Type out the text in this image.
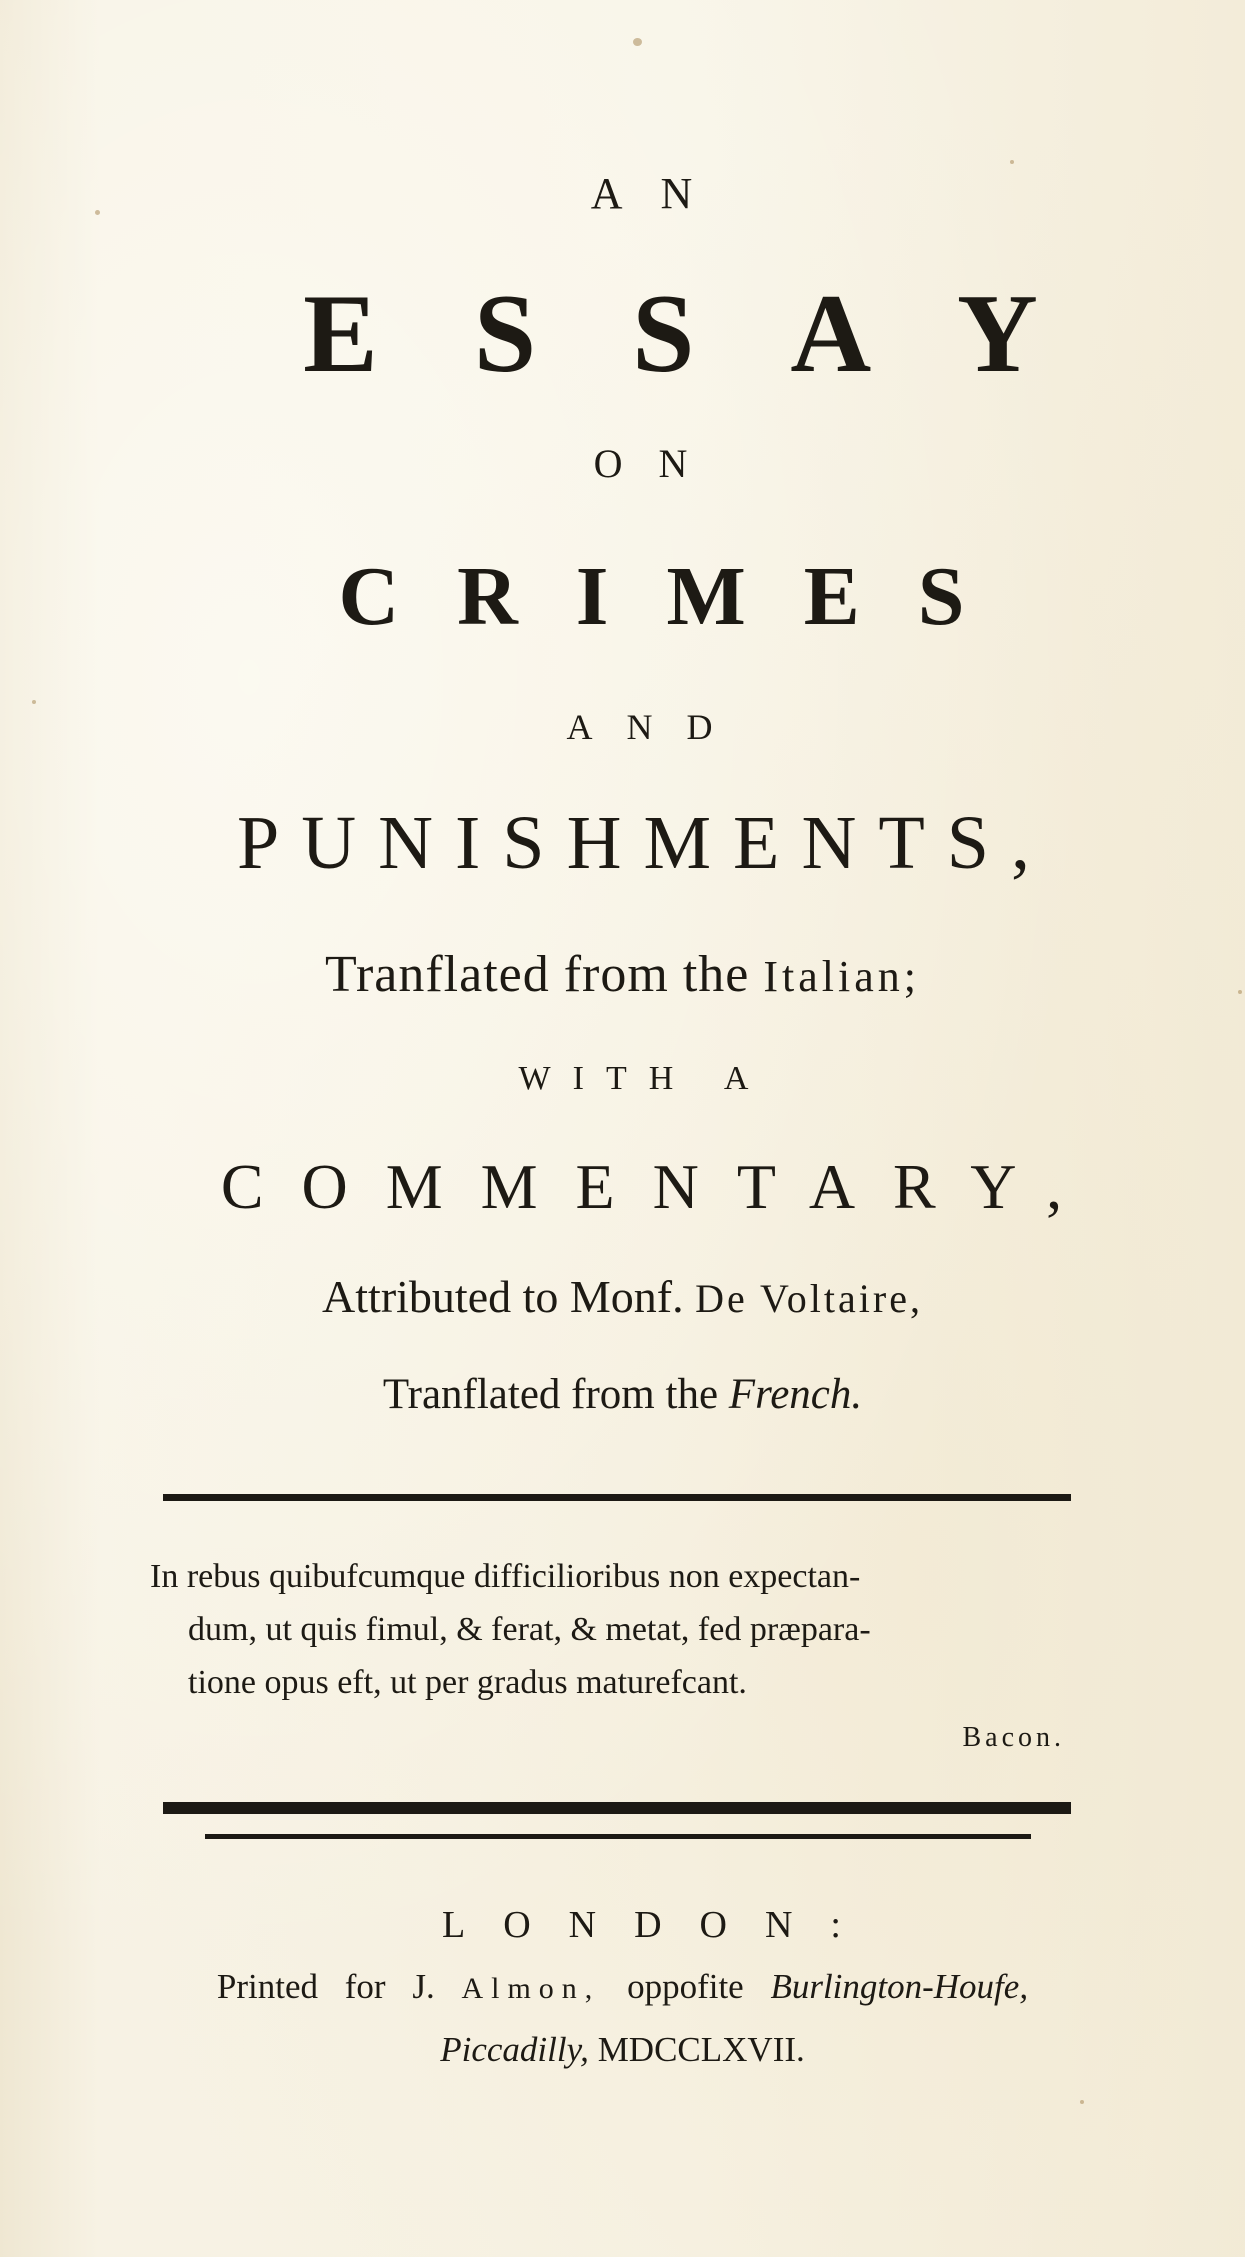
AN
ESSAY
ON
CRIMES
AND
PUNISHMENTS,
Tranflated from the Italian;
WITH A
COMMENTARY,
Attributed to Monf. De Voltaire,
Tranflated from the French.
In rebus quibufcumque difficilioribus non expectan-
dum, ut quis fimul, & ferat, & metat, fed præpara-
tione opus eft, ut per gradus maturefcant.
Bacon.
LONDON:
Printed for J. Almon, oppofite Burlington-Houfe,
Piccadilly, MDCCLXVII.
